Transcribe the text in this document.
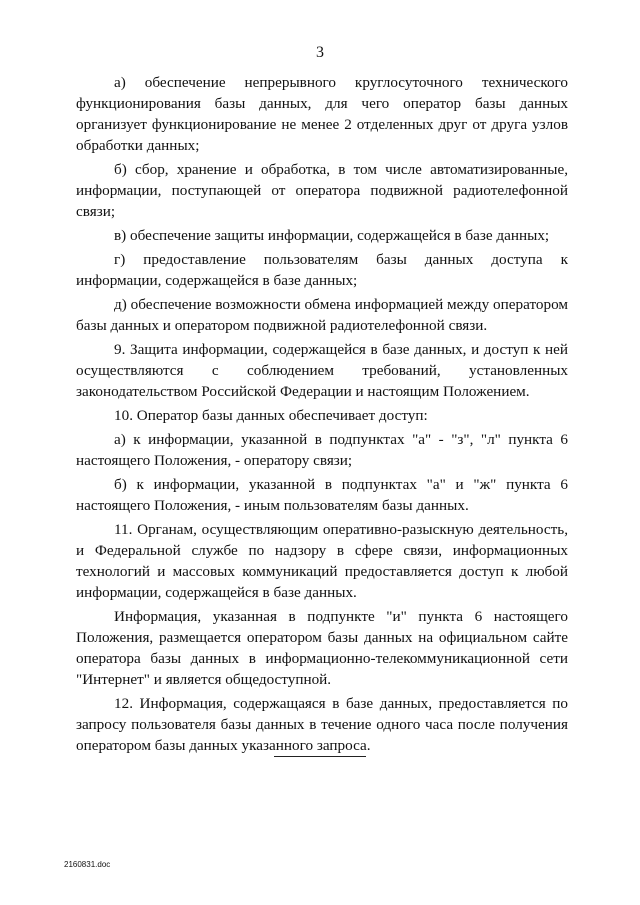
3

а) обеспечение непрерывного круглосуточного технического функционирования базы данных, для чего оператор базы данных организует функционирование не менее 2 отделенных друг от друга узлов обработки данных;

б) сбор, хранение и обработка, в том числе автоматизированные, информации, поступающей от оператора подвижной радиотелефонной связи;

в) обеспечение защиты информации, содержащейся в базе данных;

г) предоставление пользователям базы данных доступа к информации, содержащейся в базе данных;

д) обеспечение возможности обмена информацией между оператором базы данных и оператором подвижной радиотелефонной связи.

9. Защита информации, содержащейся в базе данных, и доступ к ней осуществляются с соблюдением требований, установленных законодательством Российской Федерации и настоящим Положением.

10. Оператор базы данных обеспечивает доступ:

а) к информации, указанной в подпунктах "а" - "з", "л" пункта 6 настоящего Положения, - оператору связи;

б) к информации, указанной в подпунктах "а" и "ж" пункта 6 настоящего Положения, - иным пользователям базы данных.

11. Органам, осуществляющим оперативно-разыскную деятельность, и Федеральной службе по надзору в сфере связи, информационных технологий и массовых коммуникаций предоставляется доступ к любой информации, содержащейся в базе данных.

Информация, указанная в подпункте "и" пункта 6 настоящего Положения, размещается оператором базы данных на официальном сайте оператора базы данных в информационно-телекоммуникационной сети "Интернет" и является общедоступной.

12. Информация, содержащаяся в базе данных, предоставляется по запросу пользователя базы данных в течение одного часа после получения оператором базы данных указанного запроса.

2160831.doc
